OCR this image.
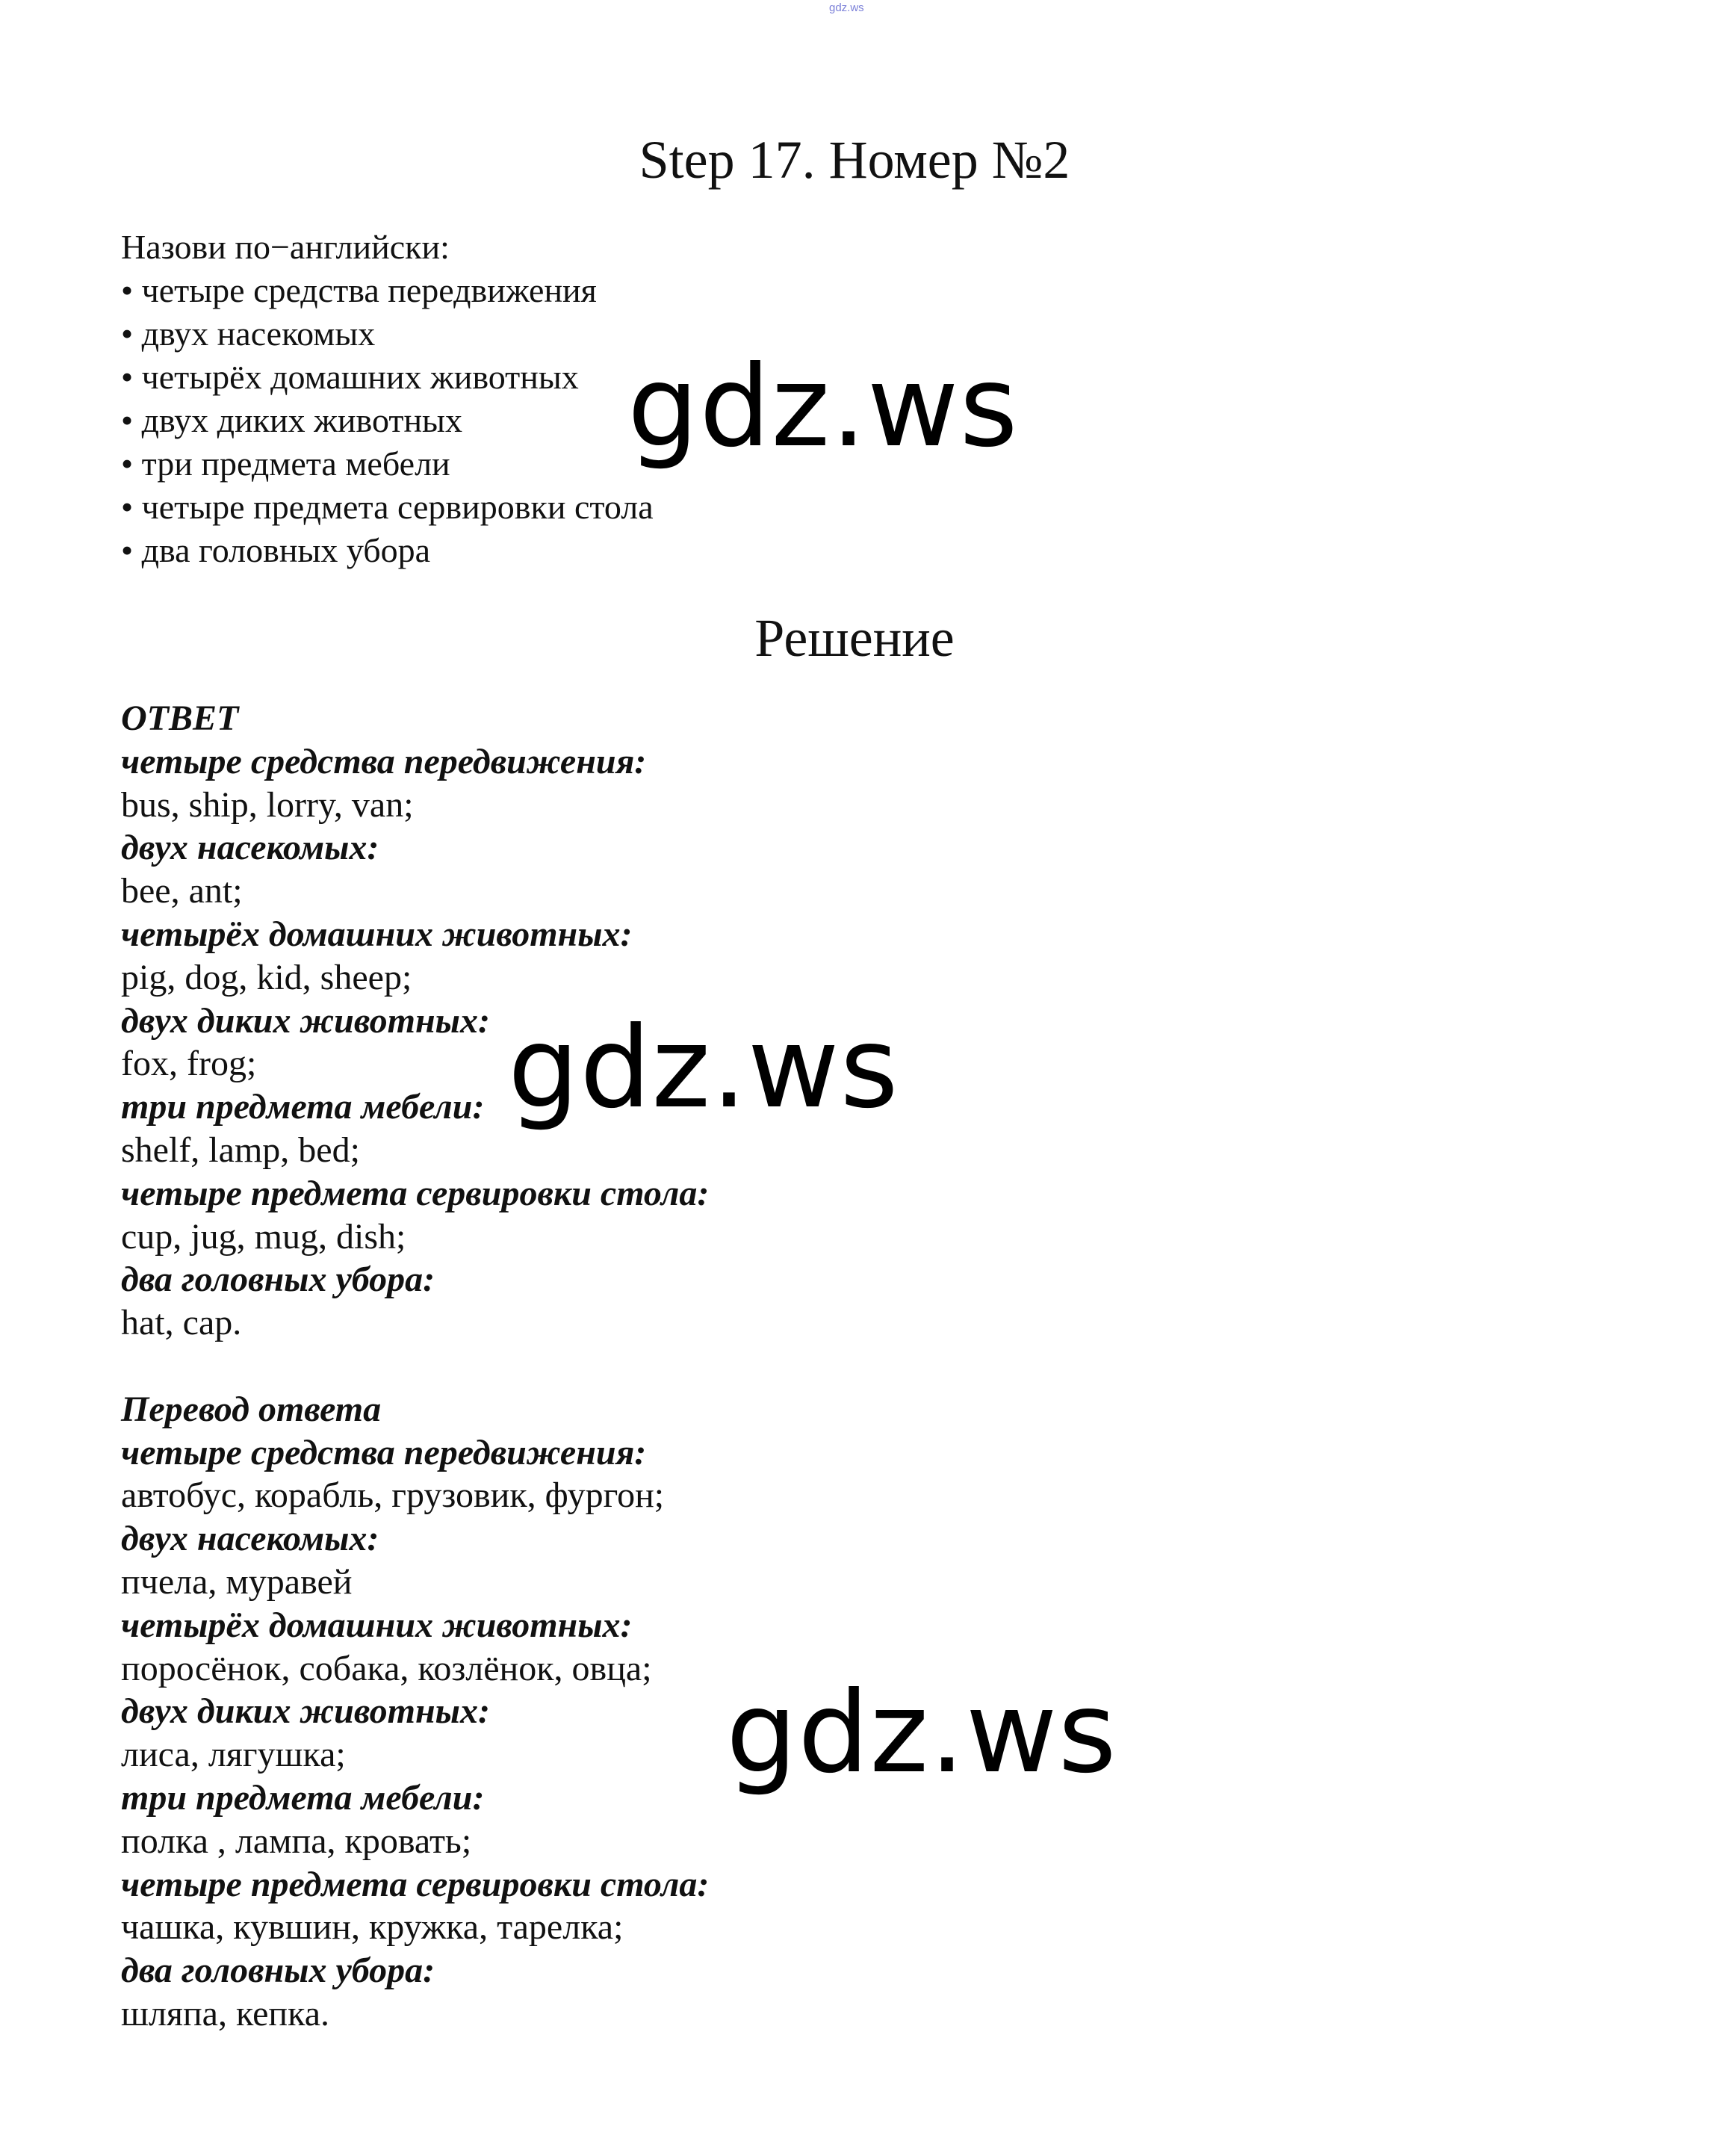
gdz.ws
Step 17. Номер №2
Назови по−английски:
• четыре средства передвижения
• двух насекомых
• четырёх домашних животных
• двух диких животных
• три предмета мебели
• четыре предмета сервировки стола
• два головных убора
Решение
ОТВЕТ
четыре средства передвижения:
bus, ship, lorry, van;
двух насекомых:
bee, ant;
четырёх домашних животных:
pig, dog, kid, sheep;
двух диких животных:
fox, frog;
три предмета мебели:
shelf, lamp, bed;
четыре предмета сервировки стола:
cup, jug, mug, dish;
два головных убора:
hat, cap.
Перевод ответа
четыре средства передвижения:
автобус, корабль, грузовик, фургон;
двух насекомых:
пчела, муравей
четырёх домашних животных:
поросёнок, собака, козлёнок, овца;
двух диких животных:
лиса, лягушка;
три предмета мебели:
полка , лампа, кровать;
четыре предмета сервировки стола:
чашка, кувшин, кружка, тарелка;
два головных убора:
шляпа, кепка.
gdz.ws
gdz.ws
gdz.ws
